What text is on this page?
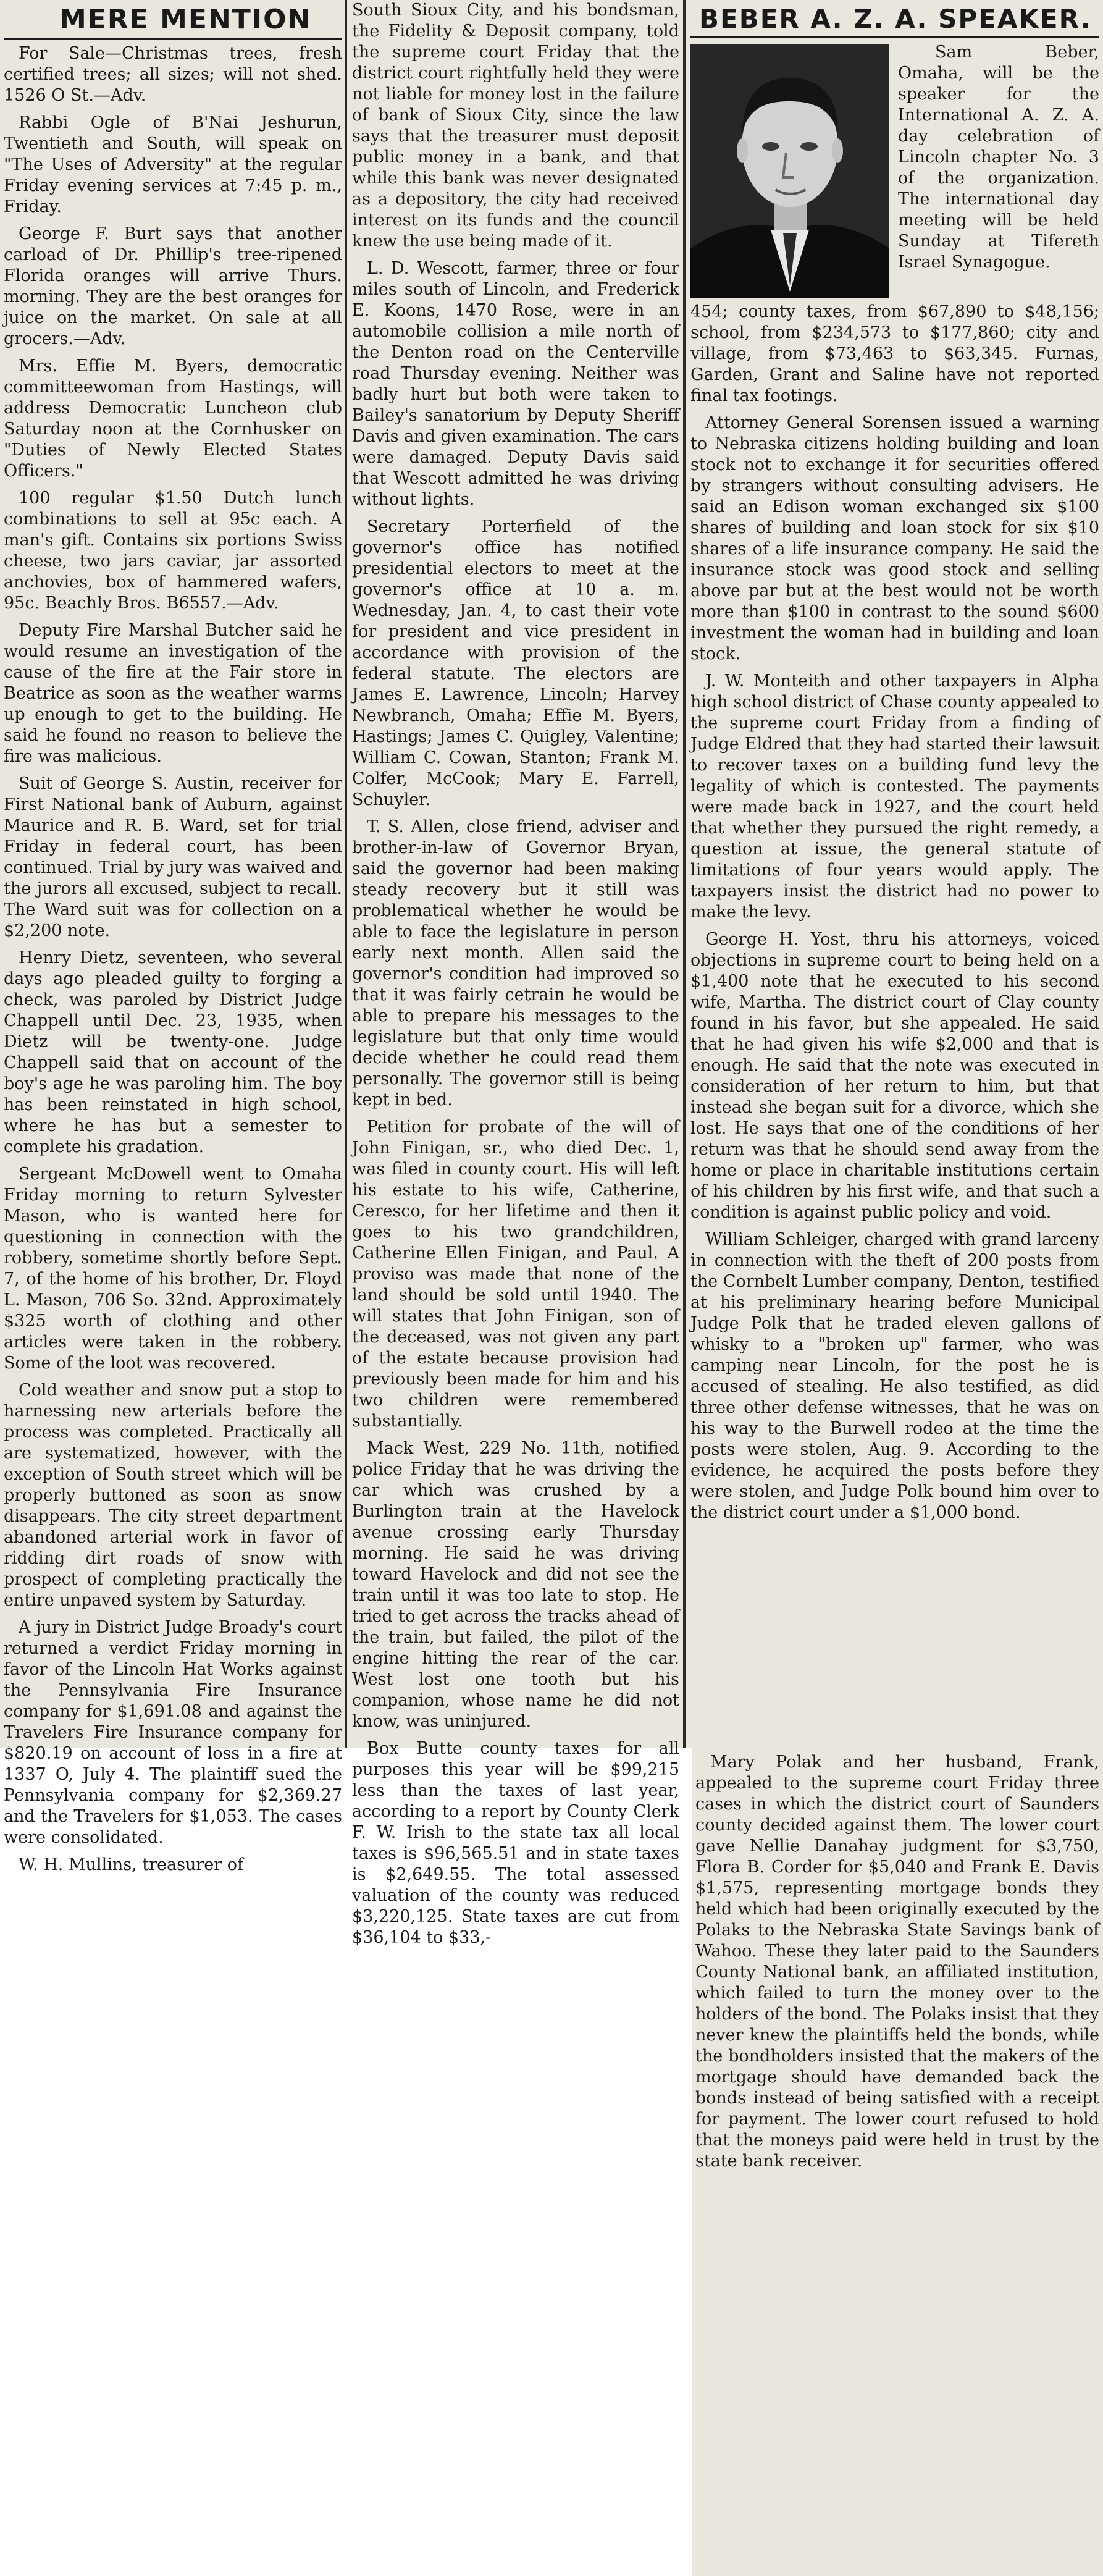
MERE MENTION

For Sale—Christmas trees, fresh certified trees; all sizes; will not shed. 1526 O St.—Adv.

Rabbi Ogle of B'Nai Jeshurun, Twentieth and South, will speak on "The Uses of Adversity" at the regular Friday evening services at 7:45 p. m., Friday.

George F. Burt says that another carload of Dr. Phillip's tree-ripened Florida oranges will arrive Thurs. morning. They are the best oranges for juice on the market. On sale at all grocers.—Adv.

Mrs. Effie M. Byers, democratic committeewoman from Hastings, will address Democratic Luncheon club Saturday noon at the Cornhusker on "Duties of Newly Elected States Officers."

100 regular $1.50 Dutch lunch combinations to sell at 95c each. A man's gift. Contains six portions Swiss cheese, two jars caviar, jar assorted anchovies, box of hammered wafers, 95c. Beachly Bros. B6557.—Adv.

Deputy Fire Marshal Butcher said he would resume an investigation of the cause of the fire at the Fair store in Beatrice as soon as the weather warms up enough to get to the building. He said he found no reason to believe the fire was malicious.

Suit of George S. Austin, receiver for First National bank of Auburn, against Maurice and R. B. Ward, set for trial Friday in federal court, has been continued. Trial by jury was waived and the jurors all excused, subject to recall. The Ward suit was for collection on a $2,200 note.

Henry Dietz, seventeen, who several days ago pleaded guilty to forging a check, was paroled by District Judge Chappell until Dec. 23, 1935, when Dietz will be twenty-one. Judge Chappell said that on account of the boy's age he was paroling him. The boy has been reinstated in high school, where he has but a semester to complete his gradation.

Sergeant McDowell went to Omaha Friday morning to return Sylvester Mason, who is wanted here for questioning in connection with the robbery, sometime shortly before Sept. 7, of the home of his brother, Dr. Floyd L. Mason, 706 So. 32nd. Approximately $325 worth of clothing and other articles were taken in the robbery. Some of the loot was recovered.

Cold weather and snow put a stop to harnessing new arterials before the process was completed. Practically all are systematized, however, with the exception of South street which will be properly buttoned as soon as snow disappears. The city street department abandoned arterial work in favor of ridding dirt roads of snow with prospect of completing practically the entire unpaved system by Saturday.

A jury in District Judge Broady's court returned a verdict Friday morning in favor of the Lincoln Hat Works against the Pennsylvania Fire Insurance company for $1,691.08 and against the Travelers Fire Insurance company for $820.19 on account of loss in a fire at 1337 O, July 4. The plaintiff sued the Pennsylvania company for $2,369.27 and the Travelers for $1,053. The cases were consolidated.

W. H. Mullins, treasurer of

South Sioux City, and his bondsman, the Fidelity & Deposit company, told the supreme court Friday that the district court rightfully held they were not liable for money lost in the failure of bank of Sioux City, since the law says that the treasurer must deposit public money in a bank, and that while this bank was never designated as a depository, the city had received interest on its funds and the council knew the use being made of it.

L. D. Wescott, farmer, three or four miles south of Lincoln, and Frederick E. Koons, 1470 Rose, were in an automobile collision a mile north of the Denton road on the Centerville road Thursday evening. Neither was badly hurt but both were taken to Bailey's sanatorium by Deputy Sheriff Davis and given examination. The cars were damaged. Deputy Davis said that Wescott admitted he was driving without lights.

Secretary Porterfield of the governor's office has notified presidential electors to meet at the governor's office at 10 a. m. Wednesday, Jan. 4, to cast their vote for president and vice president in accordance with provision of the federal statute. The electors are James E. Lawrence, Lincoln; Harvey Newbranch, Omaha; Effie M. Byers, Hastings; James C. Quigley, Valentine; William C. Cowan, Stanton; Frank M. Colfer, McCook; Mary E. Farrell, Schuyler.

T. S. Allen, close friend, adviser and brother-in-law of Governor Bryan, said the governor had been making steady recovery but it still was problematical whether he would be able to face the legislature in person early next month. Allen said the governor's condition had improved so that it was fairly cetrain he would be able to prepare his messages to the legislature but that only time would decide whether he could read them personally. The governor still is being kept in bed.

Petition for probate of the will of John Finigan, sr., who died Dec. 1, was filed in county court. His will left his estate to his wife, Catherine, Ceresco, for her lifetime and then it goes to his two grandchildren, Catherine Ellen Finigan, and Paul. A proviso was made that none of the land should be sold until 1940. The will states that John Finigan, son of the deceased, was not given any part of the estate because provision had previously been made for him and his two children were remembered substantially.

Mack West, 229 No. 11th, notified police Friday that he was driving the car which was crushed by a Burlington train at the Havelock avenue crossing early Thursday morning. He said he was driving toward Havelock and did not see the train until it was too late to stop. He tried to get across the tracks ahead of the train, but failed, the pilot of the engine hitting the rear of the car. West lost one tooth but his companion, whose name he did not know, was uninjured.

Box Butte county taxes for all purposes this year will be $99,215 less than the taxes of last year, according to a report by County Clerk F. W. Irish to the state tax all local taxes is $96,565.51 and in state taxes is $2,649.55. The total assessed valuation of the county was reduced $3,220,125. State taxes are cut from $36,104 to $33,-

BEBER A. Z. A. SPEAKER.

Sam Beber, Omaha, will be the speaker for the International A. Z. A. day celebration of Lincoln chapter No. 3 of the organization. The international day meeting will be held Sunday at Tifereth Israel Synagogue.

454; county taxes, from $67,890 to $48,156; school, from $234,573 to $177,860; city and village, from $73,463 to $63,345. Furnas, Garden, Grant and Saline have not reported final tax footings.

Attorney General Sorensen issued a warning to Nebraska citizens holding building and loan stock not to exchange it for securities offered by strangers without consulting advisers. He said an Edison woman exchanged six $100 shares of building and loan stock for six $10 shares of a life insurance company. He said the insurance stock was good stock and selling above par but at the best would not be worth more than $100 in contrast to the sound $600 investment the woman had in building and loan stock.

J. W. Monteith and other taxpayers in Alpha high school district of Chase county appealed to the supreme court Friday from a finding of Judge Eldred that they had started their lawsuit to recover taxes on a building fund levy the legality of which is contested. The payments were made back in 1927, and the court held that whether they pursued the right remedy, a question at issue, the general statute of limitations of four years would apply. The taxpayers insist the district had no power to make the levy.

George H. Yost, thru his attorneys, voiced objections in supreme court to being held on a $1,400 note that he executed to his second wife, Martha. The district court of Clay county found in his favor, but she appealed. He said that he had given his wife $2,000 and that is enough. He said that the note was executed in consideration of her return to him, but that instead she began suit for a divorce, which she lost. He says that one of the conditions of her return was that he should send away from the home or place in charitable institutions certain of his children by his first wife, and that such a condition is against public policy and void.

William Schleiger, charged with grand larceny in connection with the theft of 200 posts from the Cornbelt Lumber company, Denton, testified at his preliminary hearing before Municipal Judge Polk that he traded eleven gallons of whisky to a "broken up" farmer, who was camping near Lincoln, for the post he is accused of stealing. He also testified, as did three other defense witnesses, that he was on his way to the Burwell rodeo at the time the posts were stolen, Aug. 9. According to the evidence, he acquired the posts before they were stolen, and Judge Polk bound him over to the district court under a $1,000 bond.

Mary Polak and her husband, Frank, appealed to the supreme court Friday three cases in which the district court of Saunders county decided against them. The lower court gave Nellie Danahay judgment for $3,750, Flora B. Corder for $5,040 and Frank E. Davis $1,575, representing mortgage bonds they held which had been originally executed by the Polaks to the Nebraska State Savings bank of Wahoo. These they later paid to the Saunders County National bank, an affiliated institution, which failed to turn the money over to the holders of the bond. The Polaks insist that they never knew the plaintiffs held the bonds, while the bondholders insisted that the makers of the mortgage should have demanded back the bonds instead of being satisfied with a receipt for payment. The lower court refused to hold that the moneys paid were held in trust by the state bank receiver.
